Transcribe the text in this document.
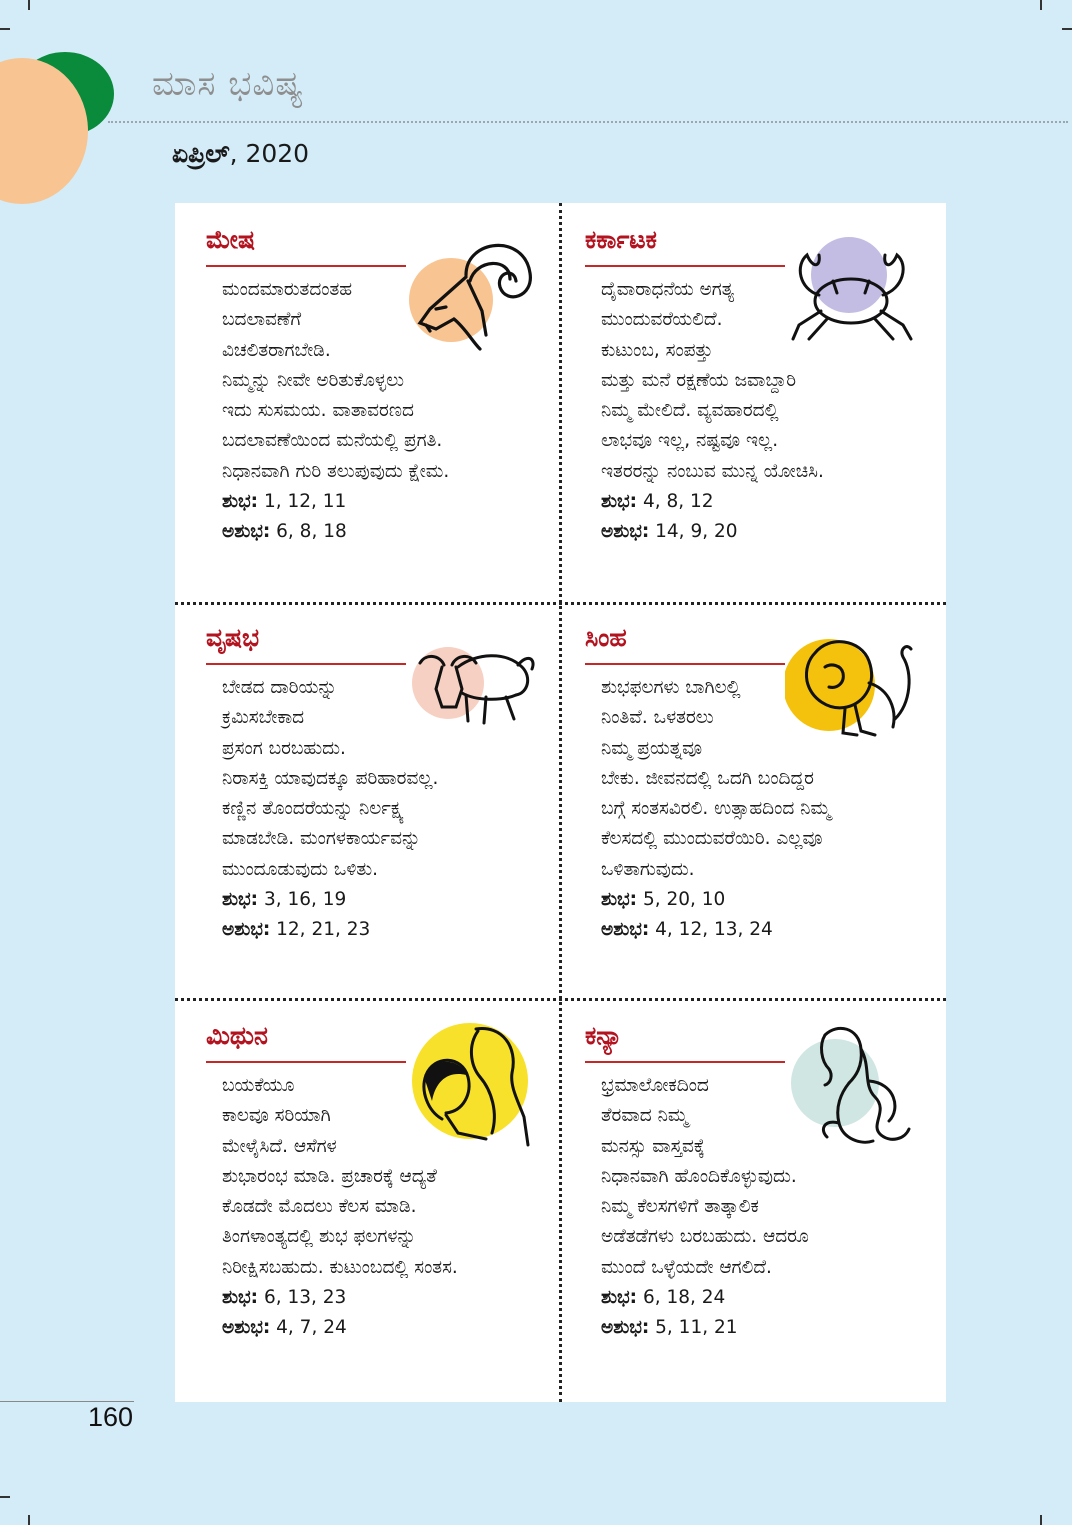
ಮಾಸ ಭವಿಷ್ಯ
ಏಪ್ರಿಲ್, 2020
ಮೇಷ
ಮಂದಮಾರುತದಂತಹ
ಬದಲಾವಣೆಗೆ
ವಿಚಲಿತರಾಗಬೇಡಿ.
ನಿಮ್ಮನ್ನು ನೀವೇ ಅರಿತುಕೊಳ್ಳಲು
ಇದು ಸುಸಮಯ. ವಾತಾವರಣದ
ಬದಲಾವಣೆಯಿಂದ ಮನೆಯಲ್ಲಿ ಪ್ರಗತಿ.
ನಿಧಾನವಾಗಿ ಗುರಿ ತಲುಪುವುದು ಕ್ಷೇಮ.
ಶುಭ: 1, 12, 11
ಅಶುಭ: 6, 8, 18
ಕರ್ಕಾಟಕ
ದೈವಾರಾಧನೆಯ ಅಗತ್ಯ
ಮುಂದುವರೆಯಲಿದೆ.
ಕುಟುಂಬ, ಸಂಪತ್ತು
ಮತ್ತು ಮನೆ ರಕ್ಷಣೆಯ ಜವಾಬ್ದಾರಿ
ನಿಮ್ಮ ಮೇಲಿದೆ. ವ್ಯವಹಾರದಲ್ಲಿ
ಲಾಭವೂ ಇಲ್ಲ, ನಷ್ಟವೂ ಇಲ್ಲ.
ಇತರರನ್ನು ನಂಬುವ ಮುನ್ನ ಯೋಚಿಸಿ.
ಶುಭ: 4, 8, 12
ಅಶುಭ: 14, 9, 20
ವೃಷಭ
ಬೇಡದ ದಾರಿಯನ್ನು
ಕ್ರಮಿಸಬೇಕಾದ
ಪ್ರಸಂಗ ಬರಬಹುದು.
ನಿರಾಸಕ್ತಿ ಯಾವುದಕ್ಕೂ ಪರಿಹಾರವಲ್ಲ.
ಕಣ್ಣಿನ ತೊಂದರೆಯನ್ನು ನಿರ್ಲಕ್ಷ್ಯ
ಮಾಡಬೇಡಿ. ಮಂಗಳಕಾರ್ಯವನ್ನು
ಮುಂದೂಡುವುದು ಒಳಿತು.
ಶುಭ: 3, 16, 19
ಅಶುಭ: 12, 21, 23
ಸಿಂಹ
ಶುಭಫಲಗಳು ಬಾಗಿಲಲ್ಲಿ
ನಿಂತಿವೆ. ಒಳತರಲು
ನಿಮ್ಮ ಪ್ರಯತ್ನವೂ
ಬೇಕು. ಜೀವನದಲ್ಲಿ ಒದಗಿ ಬಂದಿದ್ದರ
ಬಗ್ಗೆ ಸಂತಸವಿರಲಿ. ಉತ್ಸಾಹದಿಂದ ನಿಮ್ಮ
ಕೆಲಸದಲ್ಲಿ ಮುಂದುವರೆಯಿರಿ. ಎಲ್ಲವೂ
ಒಳಿತಾಗುವುದು.
ಶುಭ: 5, 20, 10
ಅಶುಭ: 4, 12, 13, 24
ಮಿಥುನ
ಬಯಕೆಯೂ
ಕಾಲವೂ ಸರಿಯಾಗಿ
ಮೇಳೈಸಿದೆ. ಆಸೆಗಳ
ಶುಭಾರಂಭ ಮಾಡಿ. ಪ್ರಚಾರಕ್ಕೆ ಆದ್ಯತೆ
ಕೊಡದೇ ಮೊದಲು ಕೆಲಸ ಮಾಡಿ.
ತಿಂಗಳಾಂತ್ಯದಲ್ಲಿ ಶುಭ ಫಲಗಳನ್ನು
ನಿರೀಕ್ಷಿಸಬಹುದು. ಕುಟುಂಬದಲ್ಲಿ ಸಂತಸ.
ಶುಭ: 6, 13, 23
ಅಶುಭ: 4, 7, 24
ಕನ್ಯಾ
ಭ್ರಮಾಲೋಕದಿಂದ
ತೆರವಾದ ನಿಮ್ಮ
ಮನಸ್ಸು ವಾಸ್ತವಕ್ಕೆ
ನಿಧಾನವಾಗಿ ಹೊಂದಿಕೊಳ್ಳುವುದು.
ನಿಮ್ಮ ಕೆಲಸಗಳಿಗೆ ತಾತ್ಕಾಲಿಕ
ಅಡೆತಡೆಗಳು ಬರಬಹುದು. ಆದರೂ
ಮುಂದೆ ಒಳ್ಳೆಯದೇ ಆಗಲಿದೆ.
ಶುಭ: 6, 18, 24
ಅಶುಭ: 5, 11, 21
160
